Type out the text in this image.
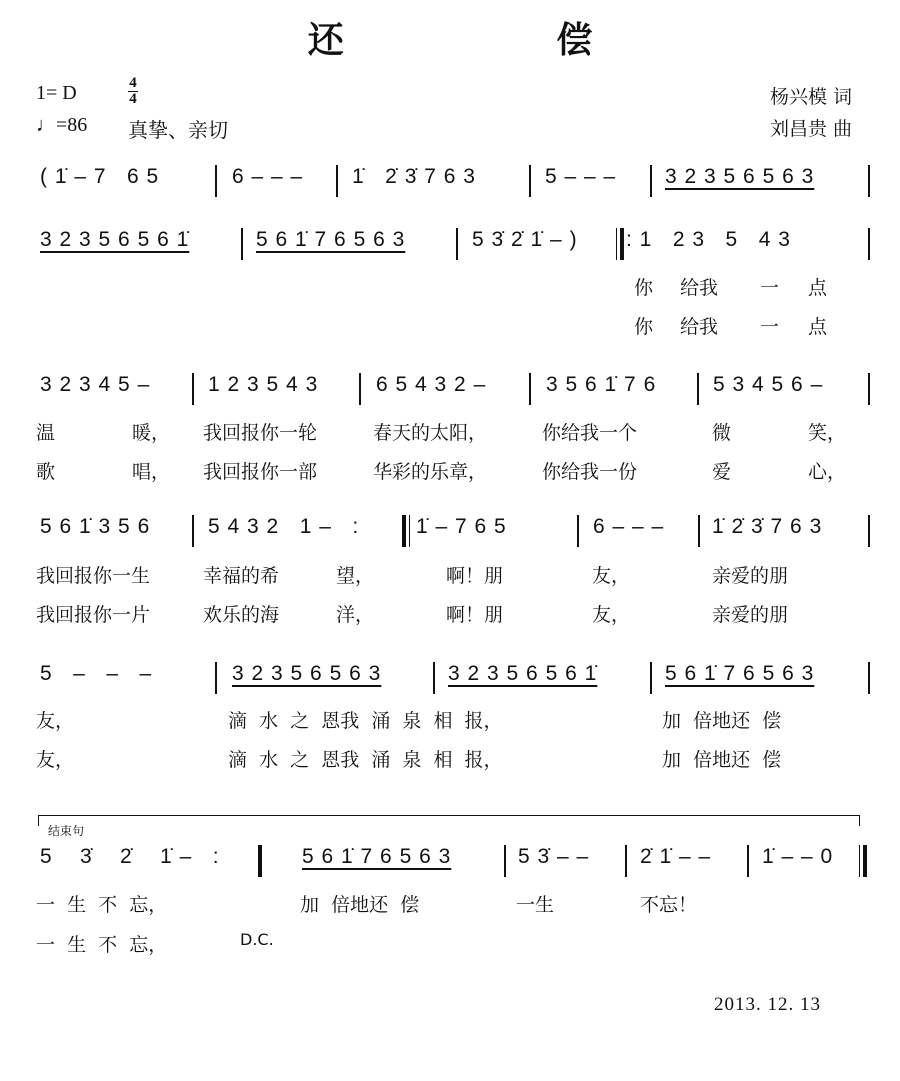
还 偿
1= D	4
4
♩=86 真挚、亲切
杨兴模 词
刘昌贵 曲
( 1̇ – 7   6 5	6 – – – 1̇   2̇ 3̇ 7 6 3	5 – – – 3 2 3 5 6 5 6 3
3 2 3 5 6 5 6 1̇	5 6 1̇ 7 6 5 6 3	5 3̇ 2̇ 1̇ – ) : 1   2 3   5   4 3
你 给我 一 点
你 给我 一 点
3 2 3 4 5 –	1 2 3 5 4 3	6 5 4 3 2 –	3 5 6 1̇ 7 6	5 3 4 5 6 –
温	暖， 我回报你一轮	春天的太阳，	你给我一个	微	笑，
歌	唱， 我回报你一部	华彩的乐章，	你给我一份	爱	心，
5 6 1̇ 3 5 6	5 4 3 2   1 –   :	1̇ – 7 6 5	6 – – – 1̇ 2̇ 3̇ 7 6 3
我回报你一片	欢乐的海	洋，	啊！朋	友，	亲爱的朋
我回报你一生	幸福的希	望，	啊！朋	友，	亲爱的朋
5   –   –   –	3 2 3 5 6 5 6 3	3 2 3 5 6 5 6 1̇	5 6 1̇ 7 6 5 6 3
友，	滴  水  之  恩我  涌  泉  相  报，	加  倍地还  偿
友，	滴  水  之  恩我  涌  泉  相  报，	加  倍地还  偿
结束句
5    3̇    2̇    1̇ –   :	5 6 1̇ 7 6 5 6 3	5 3̇ – – 2̇ 1̇ – – 1̇ – – 0
一  生  不  忘，	加  倍地还  偿	一生	不忘！
一  生  不  忘，	D.C.
2013. 12. 13
